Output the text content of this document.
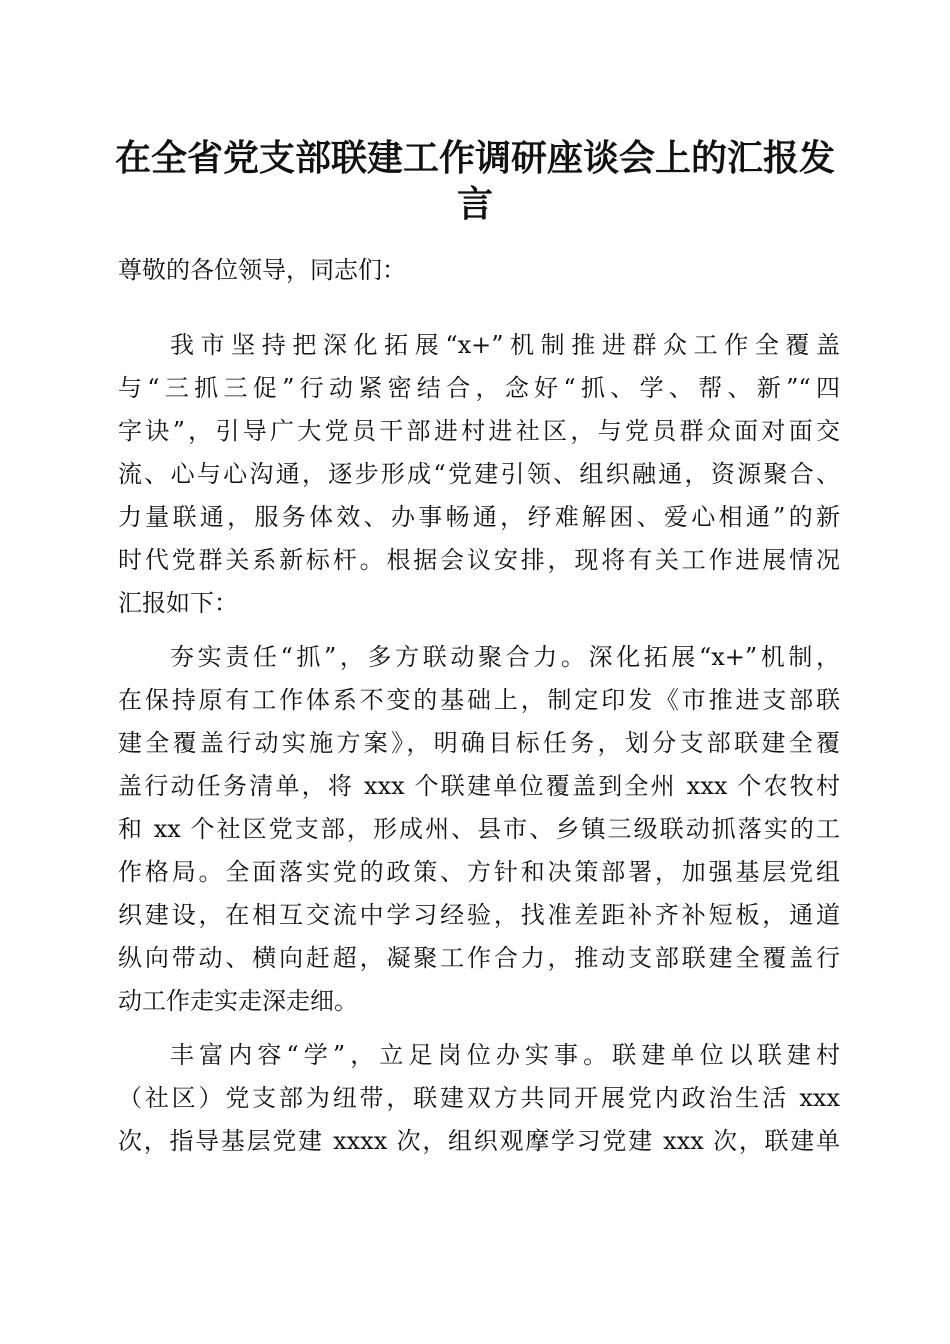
在全省党支部联建工作调研座谈会上的汇报发
言
尊敬的各位领导，同志们：
我市坚持把深化拓展“x+”机制推进群众工作全覆盖
与“三抓三促”行动紧密结合，念好“抓、学、帮、新”“四
字诀”，引导广大党员干部进村进社区，与党员群众面对面交
流、心与心沟通，逐步形成“党建引领、组织融通，资源聚合、
力量联通，服务体效、办事畅通，纾难解困、爱心相通”的新
时代党群关系新标杆。根据会议安排，现将有关工作进展情况
汇报如下：
夯实责任“抓”，多方联动聚合力。深化拓展“x+”机制，
在保持原有工作体系不变的基础上，制定印发《市推进支部联
建全覆盖行动实施方案》，明确目标任务，划分支部联建全覆
盖行动任务清单，将 xxx 个联建单位覆盖到全州 xxx 个农牧村
和 xx 个社区党支部，形成州、县市、乡镇三级联动抓落实的工
作格局。全面落实党的政策、方针和决策部署，加强基层党组
织建设，在相互交流中学习经验，找准差距补齐补短板，通道
纵向带动、横向赶超，凝聚工作合力，推动支部联建全覆盖行
动工作走实走深走细。
丰富内容“学”，立足岗位办实事。联建单位以联建村
（社区）党支部为纽带，联建双方共同开展党内政治生活 xxx
次，指导基层党建 xxxx 次，组织观摩学习党建 xxx 次，联建单
